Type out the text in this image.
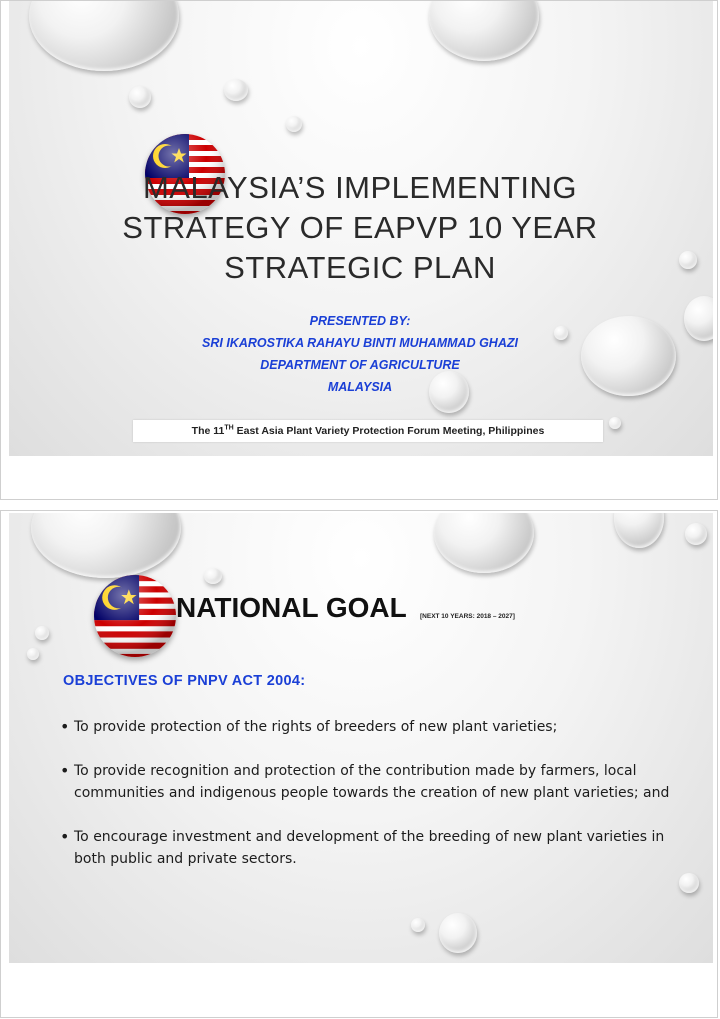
MALAYSIA’S IMPLEMENTING
STRATEGY OF EAPVP 10 YEAR
STRATEGIC PLAN
PRESENTED BY:
SRI IKAROSTIKA RAHAYU BINTI MUHAMMAD GHAZI
DEPARTMENT OF AGRICULTURE
MALAYSIA
The 11TH East Asia Plant Variety Protection Forum Meeting, Philippines
NATIONAL GOAL [NEXT 10 YEARS: 2018 – 2027]
OBJECTIVES OF PNPV ACT 2004:
• To provide protection of the rights of breeders of new plant varieties;
• To provide recognition and protection of the contribution made by farmers, local communities and indigenous people towards the creation of new plant varieties; and
• To encourage investment and development of the breeding of new plant varieties in both public and private sectors.
